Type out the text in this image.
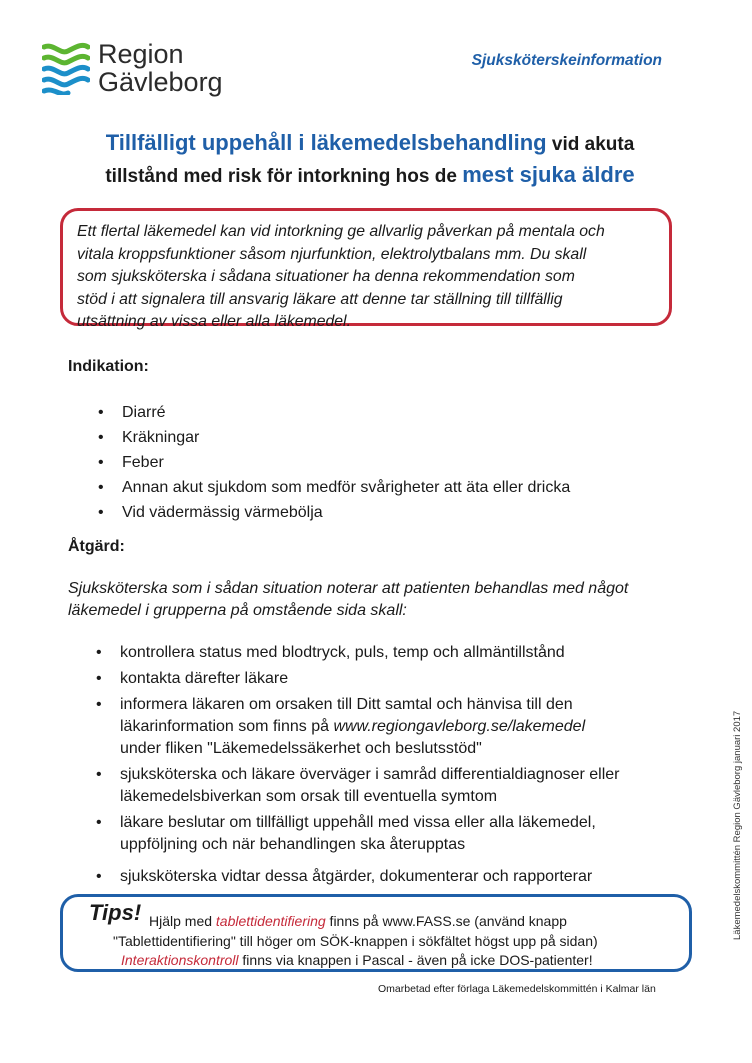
Region
Gävleborg
Sjuksköterskeinformation
Tillfälligt uppehåll i läkemedelsbehandling vid akuta
tillstånd med risk för intorkning hos de mest sjuka äldre
Ett flertal läkemedel kan vid intorkning ge allvarlig påverkan på mentala och
vitala kroppsfunktioner såsom njurfunktion, elektrolytbalans mm. Du skall
som sjuksköterska i sådana situationer ha denna rekommendation som
stöd i att signalera till ansvarig läkare att denne tar ställning till tillfällig
utsättning av vissa eller alla läkemedel.
Indikation:
• Diarré
• Kräkningar
• Feber
• Annan akut sjukdom som medför svårigheter att äta eller dricka
• Vid vädermässig värmebölja
Åtgärd:
Sjuksköterska som i sådan situation noterar att patienten behandlas med något
läkemedel i grupperna på omstående sida skall:
• kontrollera status med blodtryck, puls, temp och allmäntillstånd
• kontakta därefter läkare
• informera läkaren om orsaken till Ditt samtal och hänvisa till den
läkarinformation som finns på www.regiongavleborg.se/lakemedel
under fliken "Läkemedelssäkerhet och beslutsstöd"
• sjuksköterska och läkare överväger i samråd differentialdiagnoser eller
läkemedelsbiverkan som orsak till eventuella symtom
• läkare beslutar om tillfälligt uppehåll med vissa eller alla läkemedel,
uppföljning och när behandlingen ska återupptas
• sjuksköterska vidtar dessa åtgärder, dokumenterar och rapporterar
Tips! Hjälp med tablettidentifiering finns på www.FASS.se (använd knapp
"Tablettidentifiering" till höger om SÖK-knappen i sökfältet högst upp på sidan)
Interaktionskontroll finns via knappen i Pascal - även på icke DOS-patienter!
Omarbetad efter förlaga Läkemedelskommittén i Kalmar län
Läkemedelskommittén Region Gävleborg januari 2017
